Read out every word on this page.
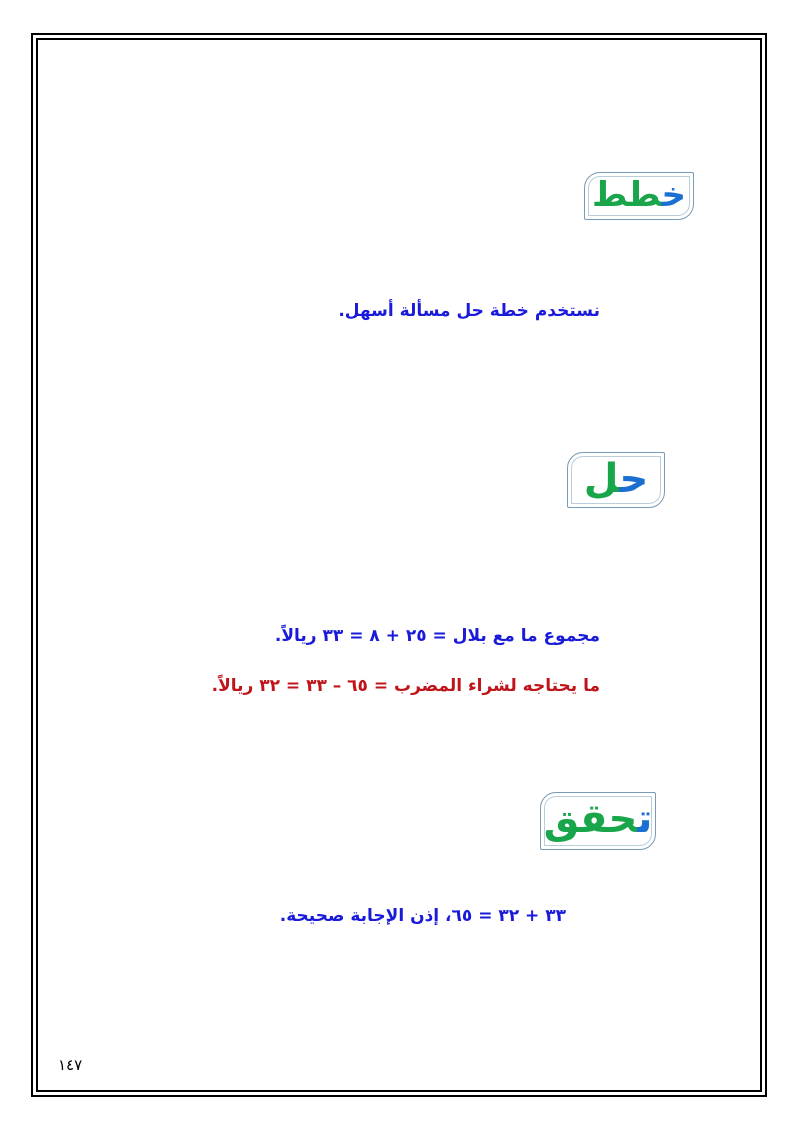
خطط
نستخدم خطة حل مسألة أسهل.
حل
مجموع ما مع بلال = ٢٥ + ٨ = ٣٣ ريالاً.
ما يحتاجه لشراء المضرب = ٦٥ – ٣٣ = ٣٢ ريالاً.
تحقق
٣٣ + ٣٢ = ٦٥، إذن الإجابة صحيحة.
١٤٧
